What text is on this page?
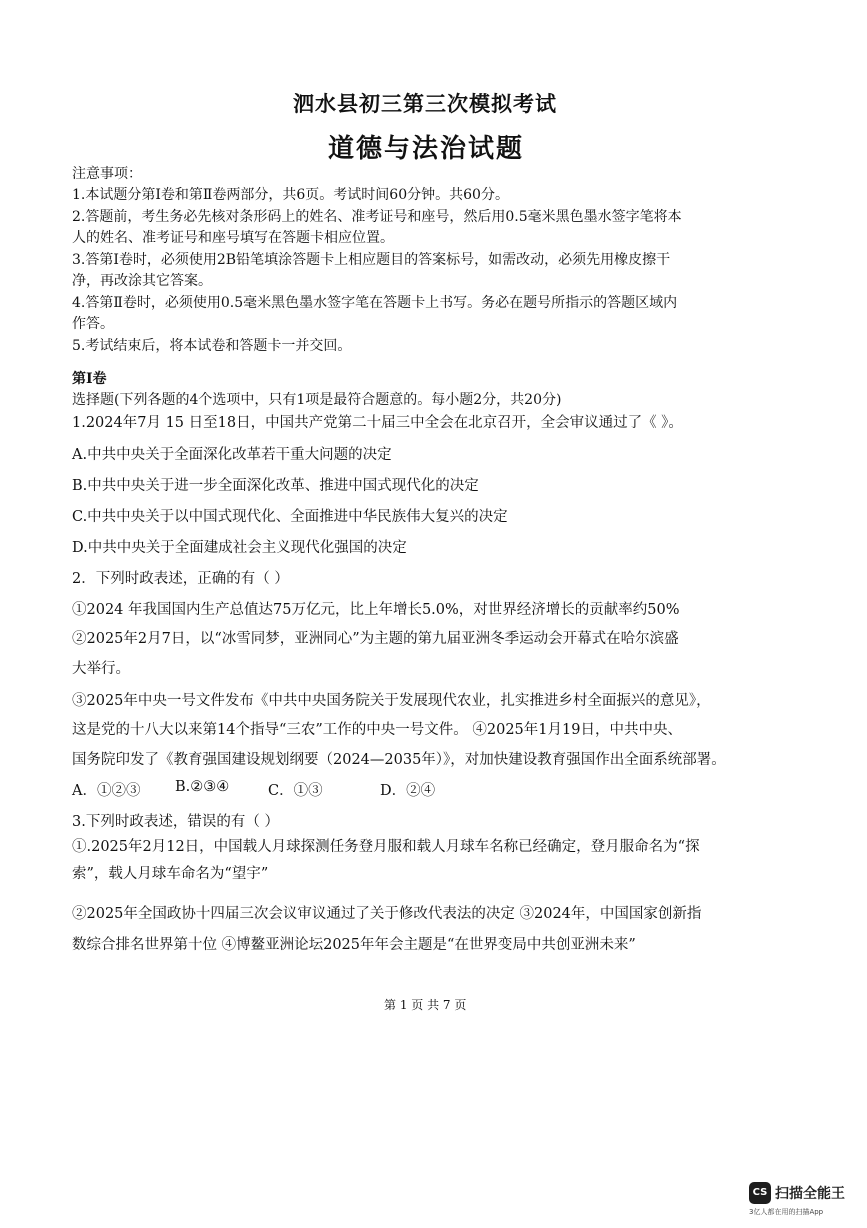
泗水县初三第三次模拟考试
道德与法治试题
注意事项：
1.本试题分第Ⅰ卷和第Ⅱ卷两部分，共6页。考试时间60分钟。共60分。
2.答题前，考生务必先核对条形码上的姓名、准考证号和座号，然后用0.5毫米黑色墨水签字笔将本
人的姓名、准考证号和座号填写在答题卡相应位置。
3.答第Ⅰ卷时，必须使用2B铅笔填涂答题卡上相应题目的答案标号，如需改动，必须先用橡皮擦干
净，再改涂其它答案。
4.答第Ⅱ卷时，必须使用0.5毫米黑色墨水签字笔在答题卡上书写。务必在题号所指示的答题区域内
作答。
5.考试结束后，将本试卷和答题卡一并交回。
第Ⅰ卷
选择题(下列各题的4个选项中，只有1项是最符合题意的。每小题2分，共20分)
1.2024年7月 15 日至18日，中国共产党第二十届三中全会在北京召开，全会审议通过了《 》。
A.中共中央关于全面深化改革若干重大问题的决定
B.中共中央关于进一步全面深化改革、推进中国式现代化的决定
C.中共中央关于以中国式现代化、全面推进中华民族伟大复兴的决定
D.中共中央关于全面建成社会主义现代化强国的决定
2．下列时政表述，正确的有（ ）
①2024 年我国国内生产总值达75万亿元，比上年增长5.0%，对世界经济增长的贡献率约50%
②2025年2月7日，以“冰雪同梦，亚洲同心”为主题的第九届亚洲冬季运动会开幕式在哈尔滨盛
大举行。
③2025年中央一号文件发布《中共中央国务院关于发展现代农业，扎实推进乡村全面振兴的意见》，
这是党的十八大以来第14个指导“三农”工作的中央一号文件。 ④2025年1月19日，中共中央、
国务院印发了《教育强国建设规划纲要（2024—2035年）》，对加快建设教育强国作出全面系统部署。
A．①②③ B.②③④	C．①③	D．②④
3.下列时政表述，错误的有（ ）
①.2025年2月12日，中国载人月球探测任务登月服和载人月球车名称已经确定，登月服命名为“探
索”，载人月球车命名为“望宇”
②2025年全国政协十四届三次会议审议通过了关于修改代表法的决定 ③2024年，中国国家创新指
数综合排名世界第十位 ④博鳌亚洲论坛2025年年会主题是“在世界变局中共创亚洲未来”
第 1 页 共 7 页
CS 扫描全能王
3亿人都在用的扫描App
